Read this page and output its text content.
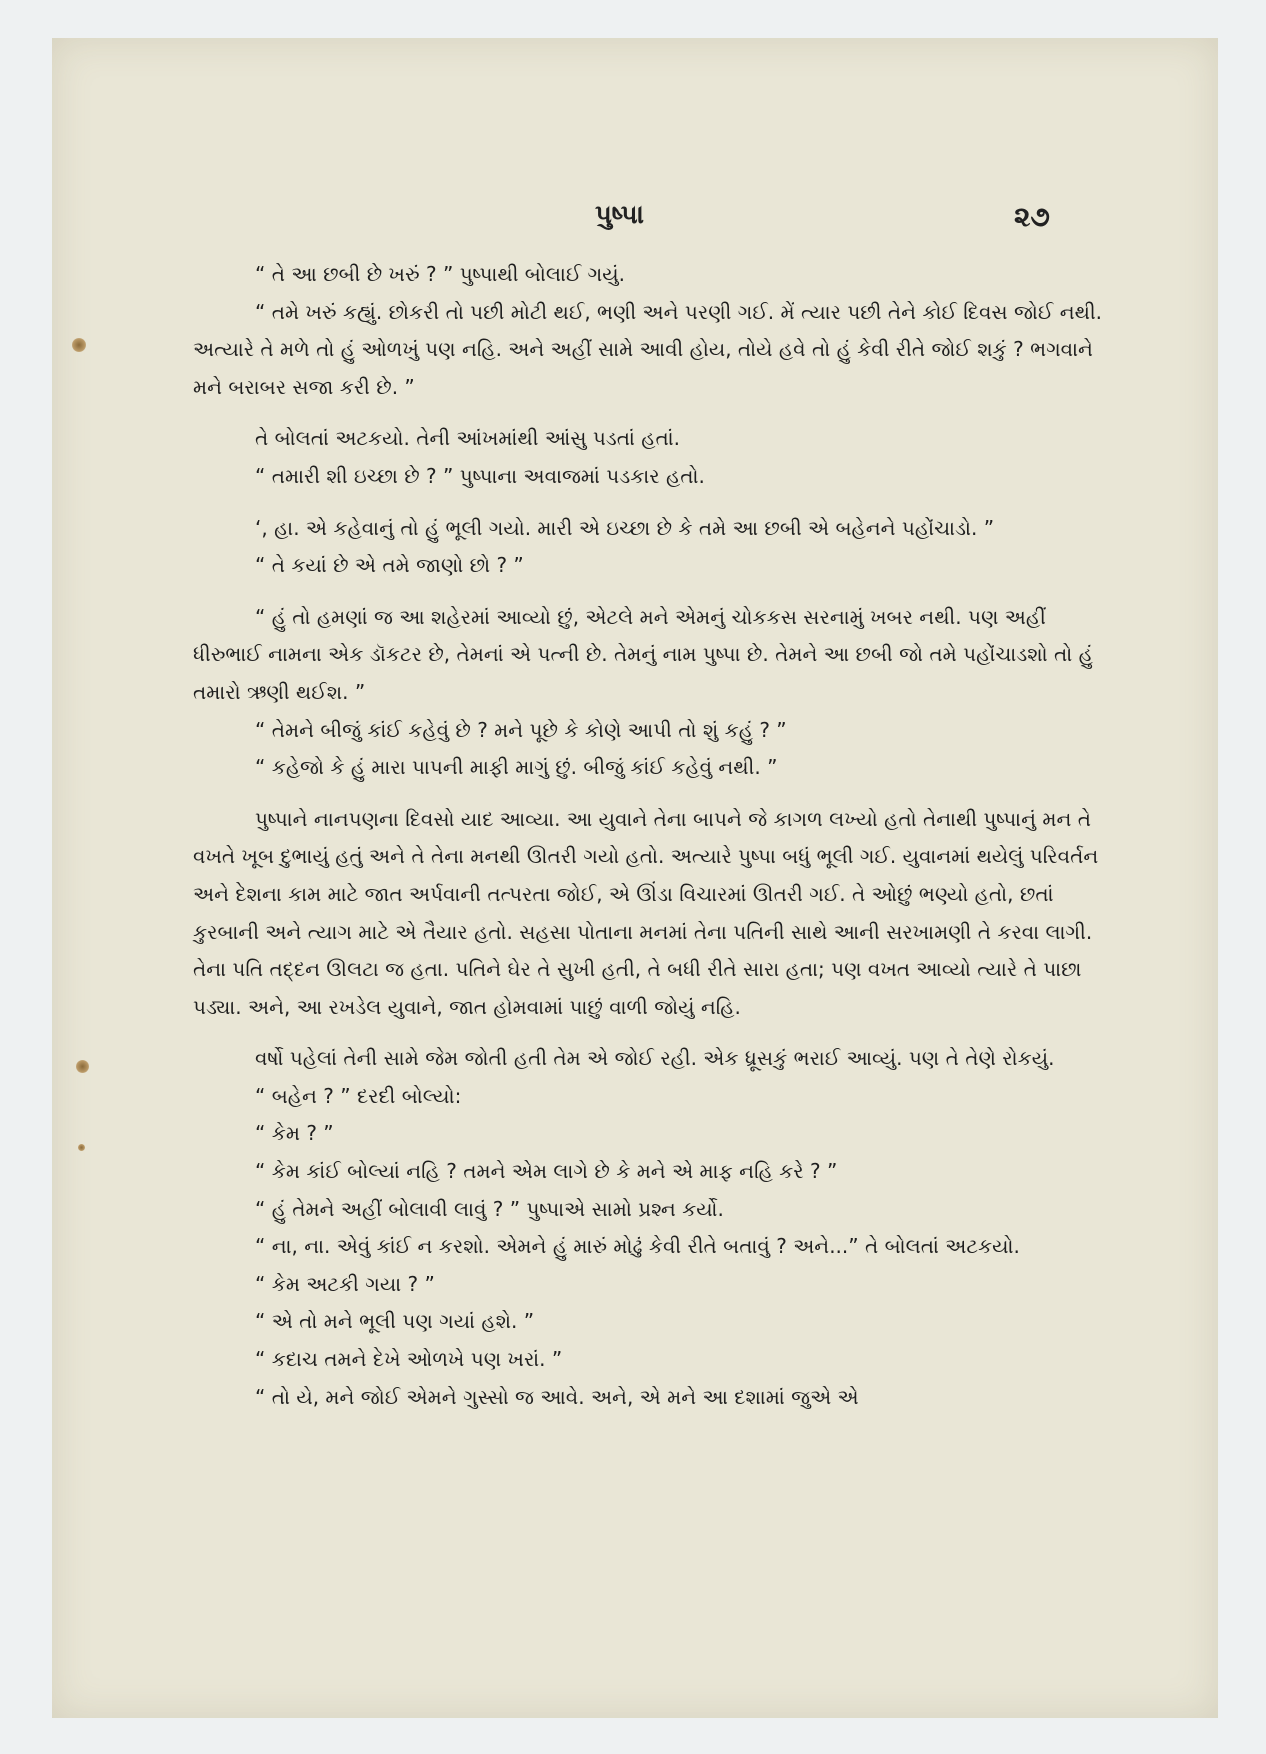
પુષ્પા	૨૭

“ તે આ છબી છે ખરું ? ” પુષ્પાથી બોલાઈ ગયું.

“ તમે ખરું કહ્યું. છોકરી તો પછી મોટી થઈ, ભણી અને પરણી ગઈ. મેં ત્યાર પછી તેને કોઈ દિવસ જોઈ નથી. અત્યારે તે મળે તો હું ઓળખું પણ નહિ. અને અહીં સામે આવી હોય, તોયે હવે તો હું કેવી રીતે જોઈ શકું ? ભગવાને મને બરાબર સજા કરી છે. ”

તે બોલતાં અટકયો. તેની આંખમાંથી આંસુ પડતાં હતાં.

“ તમારી શી ઇચ્છા છે ? ” પુષ્પાના અવાજમાં પડકાર હતો.

‘, હા. એ કહેવાનું તો હું ભૂલી ગયો. મારી એ ઇચ્છા છે કે તમે આ છબી એ બહેનને પહોંચાડો. ”

“ તે કયાં છે એ તમે જાણો છો ? ”

“ હું તો હમણાં જ આ શહેરમાં આવ્યો છું, એટલે મને એમનું ચોકકસ સરનામું ખબર નથી. પણ અહીં ધીરુભાઈ નામના એક ડૉકટર છે, તેમનાં એ પત્ની છે. તેમનું નામ પુષ્પા છે. તેમને આ છબી જો તમે પહોંચાડશો તો હું તમારો ઋણી થઈશ. ”

“ તેમને બીજું કાંઈ કહેવું છે ? મને પૂછે કે કોણે આપી તો શું કહું ? ”

“ કહેજો કે હું મારા પાપની માફી માગું છું. બીજું કાંઈ કહેવું નથી. ”

પુષ્પાને નાનપણના દિવસો યાદ આવ્યા. આ યુવાને તેના બાપને જે કાગળ લખ્યો હતો તેનાથી પુષ્પાનું મન તે વખતે ખૂબ દુભાયું હતું અને તે તેના મનથી ઊતરી ગયો હતો. અત્યારે પુષ્પા બધું ભૂલી ગઈ. યુવાનમાં થયેલું પરિવર્તન અને દેશના કામ માટે જાત અર્પવાની તત્પરતા જોઈ, એ ઊંડા વિચારમાં ઊતરી ગઈ. તે ઓછું ભણ્યો હતો, છતાં કુરબાની અને ત્યાગ માટે એ તૈયાર હતો. સહસા પોતાના મનમાં તેના પતિની સાથે આની સરખામણી તે કરવા લાગી. તેના પતિ તદ્દન ઊલટા જ હતા. પતિને ઘેર તે સુખી હતી, તે બધી રીતે સારા હતા; પણ વખત આવ્યો ત્યારે તે પાછા પડ્યા. અને, આ રખડેલ યુવાને, જાત હોમવામાં પાછું વાળી જોયું નહિ.

વર્ષો પહેલાં તેની સામે જેમ જોતી હતી તેમ એ જોઈ રહી. એક ધ્રૂસકું ભરાઈ આવ્યું. પણ તે તેણે રોકયું.

“ બહેન ? ” દરદી બોલ્યો:

“ કેમ ? ”

“ કેમ કાંઈ બોલ્યાં નહિ ? તમને એમ લાગે છે કે મને એ માફ નહિ કરે ? ”

“ હું તેમને અહીં બોલાવી લાવું ? ” પુષ્પાએ સામો પ્રશ્ન કર્યો.

“ ના, ના. એવું કાંઈ ન કરશો. એમને હું મારું મોઢું કેવી રીતે બતાવું ? અને...” તે બોલતાં અટકયો.

“ કેમ અટકી ગયા ? ”

“ એ તો મને ભૂલી પણ ગયાં હશે. ”

“ કદાચ તમને દેખે ઓળખે પણ ખરાં. ”

“ તો યે, મને જોઈ એમને ગુસ્સો જ આવે. અને, એ મને આ દશામાં જુએ એ
